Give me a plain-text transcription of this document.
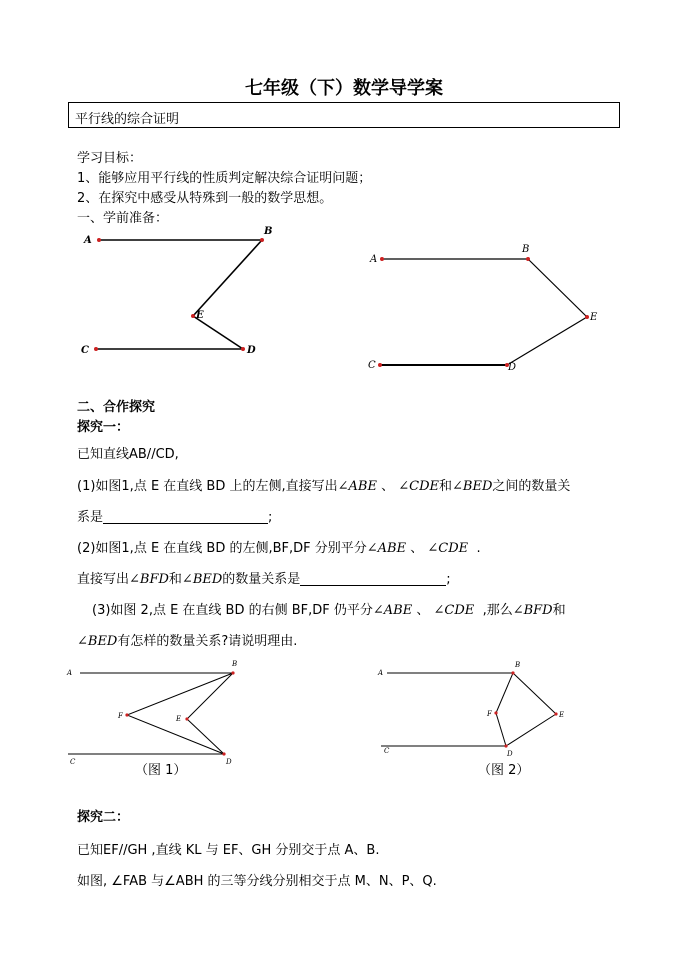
七年级（下）数学导学案
平行线的综合证明
学习目标：
1、能够应用平行线的性质判定解决综合证明问题；
2、在探究中感受从特殊到一般的数学思想。
一、学前准备：
A
B
E
C	D
A
B
E
C	D
二、合作探究
探究一：
已知直线AB//CD,
(1)如图1,点 E 在直线 BD 上的左侧,直接写出∠ABE 、 ∠CDE和∠BED之间的数量关
系是	;
(2)如图1,点 E 在直线 BD 的左侧,BF,DF 分别平分∠ABE 、 ∠CDE .
直接写出∠BFD和∠BED的数量关系是	;
(3)如图 2,点 E 在直线 BD 的右侧 BF,DF 仍平分∠ABE 、 ∠CDE ,那么∠BFD和
∠BED有怎样的数量关系?请说明理由.
A
B
E
F
C	D
A
B
E
F
C	D
（图 1）	（图 2）
探究二：
已知EF//GH ,直线 KL 与 EF、GH 分别交于点 A、B.
如图, ∠FAB 与∠ABH 的三等分线分别相交于点 M、N、P、Q.
